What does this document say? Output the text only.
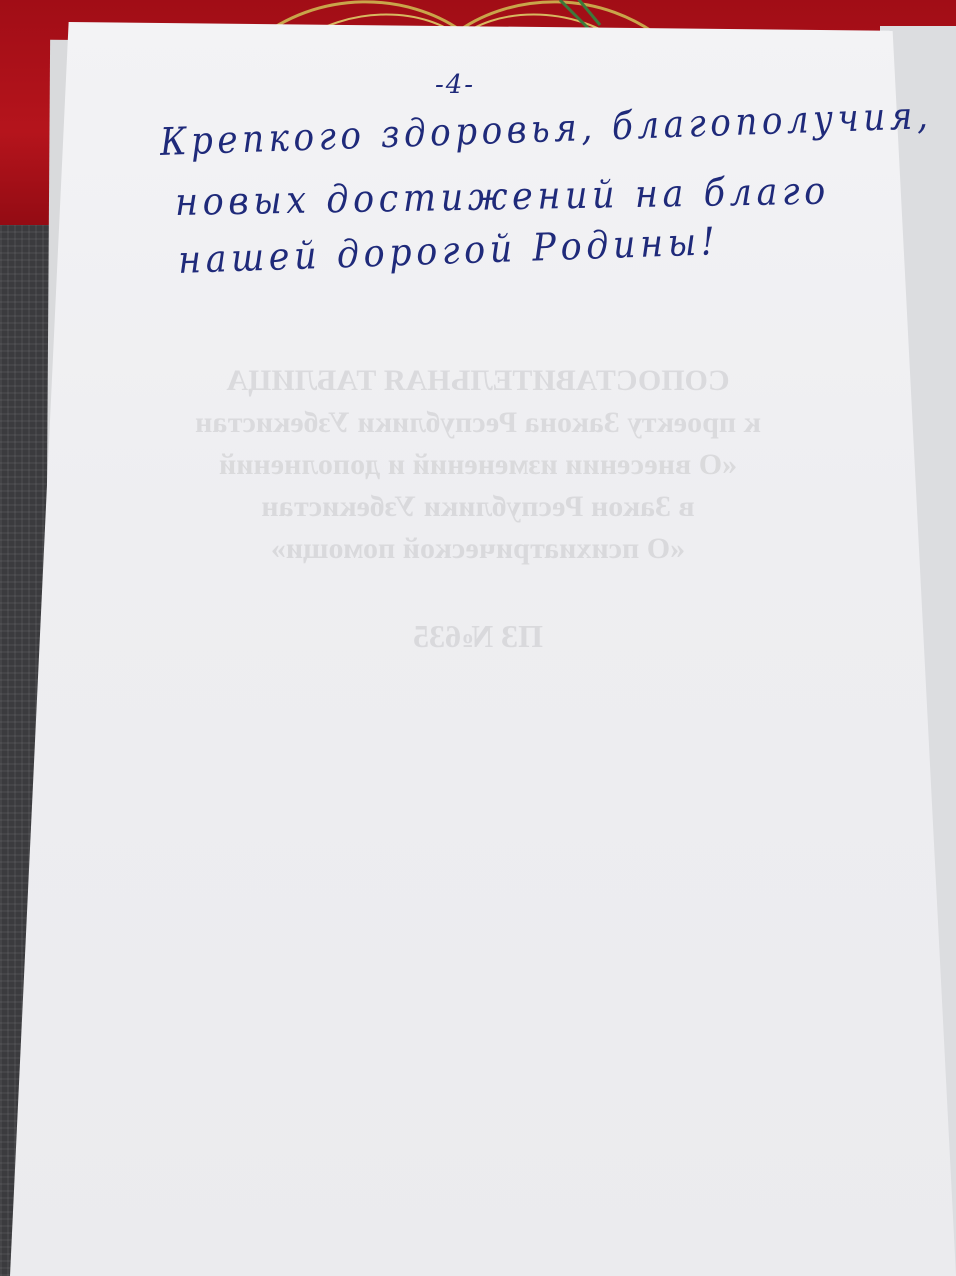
СОПОСТАВИТЕЛЬНАЯ ТАБЛИЦА
к проекту Закона Республики Узбекистан
«О внесении изменений и дополнений
в Закон Республики Узбекистан
«О психиатрической помощи»
ПЗ №635
-4-
Крепкого здоровья, благополучия,
новых достижений на благо
нашей дорогой Родины!
